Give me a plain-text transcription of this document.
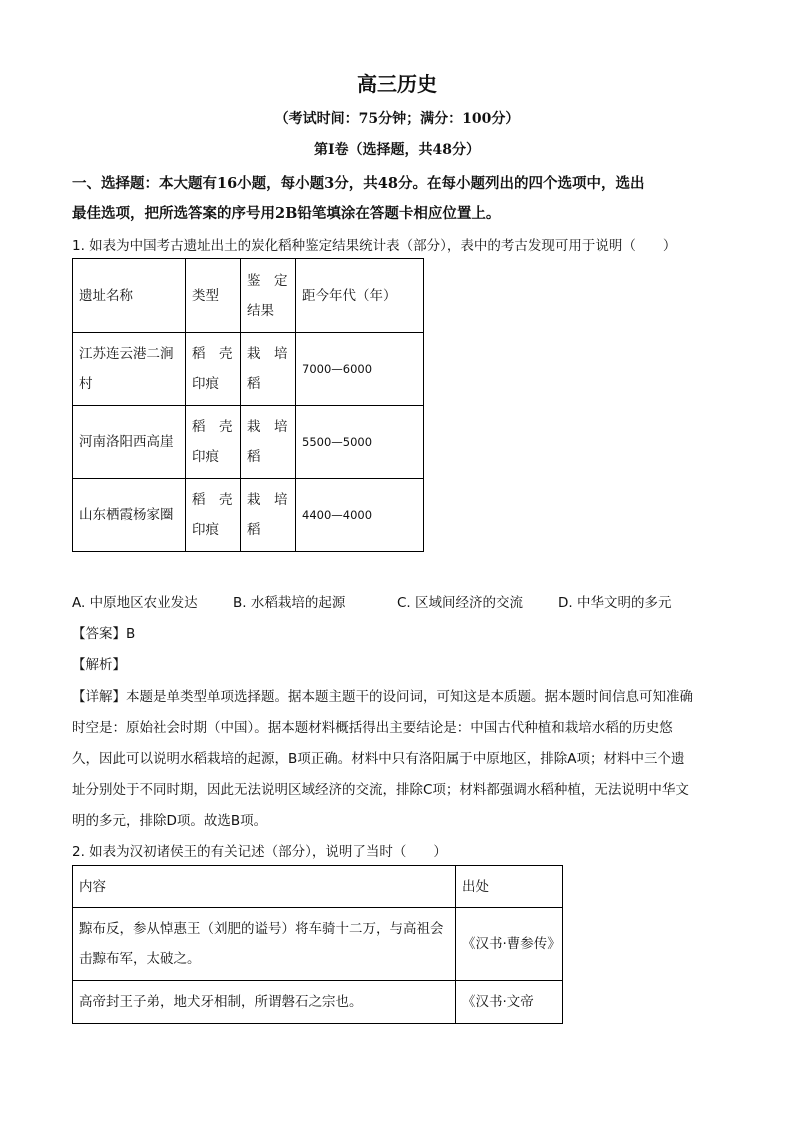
高三历史
（考试时间：75分钟；满分：100分）
第Ⅰ卷（选择题，共48分）
一、选择题：本大题有16小题，每小题3分，共48分。在每小题列出的四个选项中，选出
最佳选项，把所选答案的序号用2B铅笔填涂在答题卡相应位置上。
1. 如表为中国考古遗址出土的炭化稻种鉴定结果统计表（部分），表中的考古发现可用于说明（　　）
遗址名称	类型	鉴　定结果	距今年代（年）
江苏连云港二涧村	稻　壳印痕	栽　培稻	7000—6000
河南洛阳西高崖	稻　壳印痕	栽　培稻	5500—5000
山东栖霞杨家圈	稻　壳印痕	栽　培稻	4400—4000
A. 中原地区农业发达	B. 水稻栽培的起源	C. 区域间经济的交流	D. 中华文明的多元
【答案】B
【解析】
【详解】本题是单类型单项选择题。据本题主题干的设问词，可知这是本质题。据本题时间信息可知准确
时空是：原始社会时期（中国）。据本题材料概括得出主要结论是：中国古代种植和栽培水稻的历史悠
久，因此可以说明水稻栽培的起源，B项正确。材料中只有洛阳属于中原地区，排除A项；材料中三个遗
址分别处于不同时期，因此无法说明区域经济的交流，排除C项；材料都强调水稻种植，无法说明中华文
明的多元，排除D项。故选B项。
2. 如表为汉初诸侯王的有关记述（部分），说明了当时（　　）
内容	出处
黥布反，参从悼惠王（刘肥的谥号）将车骑十二万，与高祖会击黥布军，太破之。	《汉书·曹参传》
高帝封王子弟，地犬牙相制，所谓磐石之宗也。	《汉书·文帝
